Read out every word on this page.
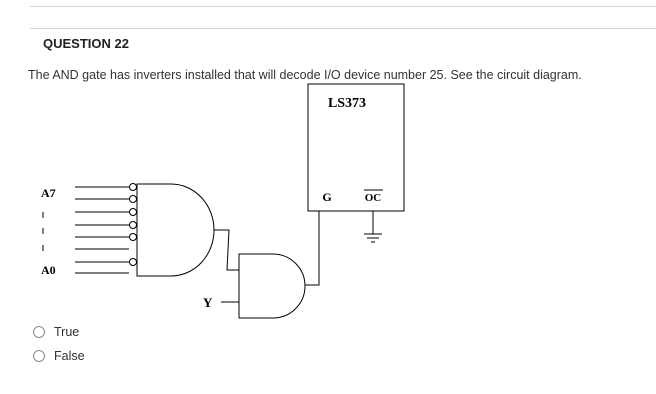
QUESTION 22
The AND gate has inverters installed that will decode I/O device number 25. See the circuit diagram.
LS373
G	OC
A7
A0
Y
True
False
